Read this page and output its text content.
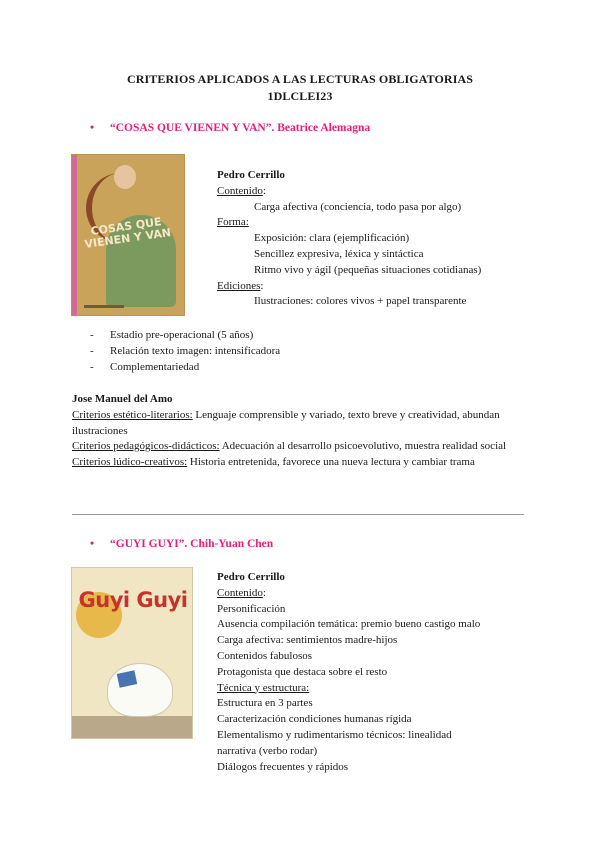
CRITERIOS APLICADOS A LAS LECTURAS OBLIGATORIAS
1DLCLEI23
• “COSAS QUE VIENEN Y VAN”. Beatrice Alemagna
COSAS QUE VIENEN Y VAN
Pedro Cerrillo
Contenido:
Carga afectiva (conciencia, todo pasa por algo)
Forma:
Exposición: clara (ejemplificación)
Sencillez expresiva, léxica y sintáctica
Ritmo vivo y ágil (pequeñas situaciones cotidianas)
Ediciones:
Ilustraciones: colores vivos + papel transparente
- Estadio pre-operacional (5 años)
- Relación texto imagen: intensificadora
- Complementariedad

Jose Manuel del Amo

Criterios estético-literarios: Lenguaje comprensible y variado, texto breve y creatividad, abundan ilustraciones

Criterios pedagógicos-didácticos: Adecuación al desarrollo psicoevolutivo, muestra realidad social

Criterios lúdico-creativos: Historia entretenida, favorece una nueva lectura y cambiar trama

• “GUYI GUYI”. Chih-Yuan Chen
Guyi Guyi
Pedro Cerrillo
Contenido:
Personificación
Ausencia compilación temática: premio bueno castigo malo
Carga afectiva: sentimientos madre-hijos
Contenidos fabulosos
Protagonista que destaca sobre el resto
Técnica y estructura:
Estructura en 3 partes
Caracterización condiciones humanas rígida
Elementalismo y rudimentarismo técnicos: linealidad
narrativa (verbo rodar)
Diálogos frecuentes y rápidos
